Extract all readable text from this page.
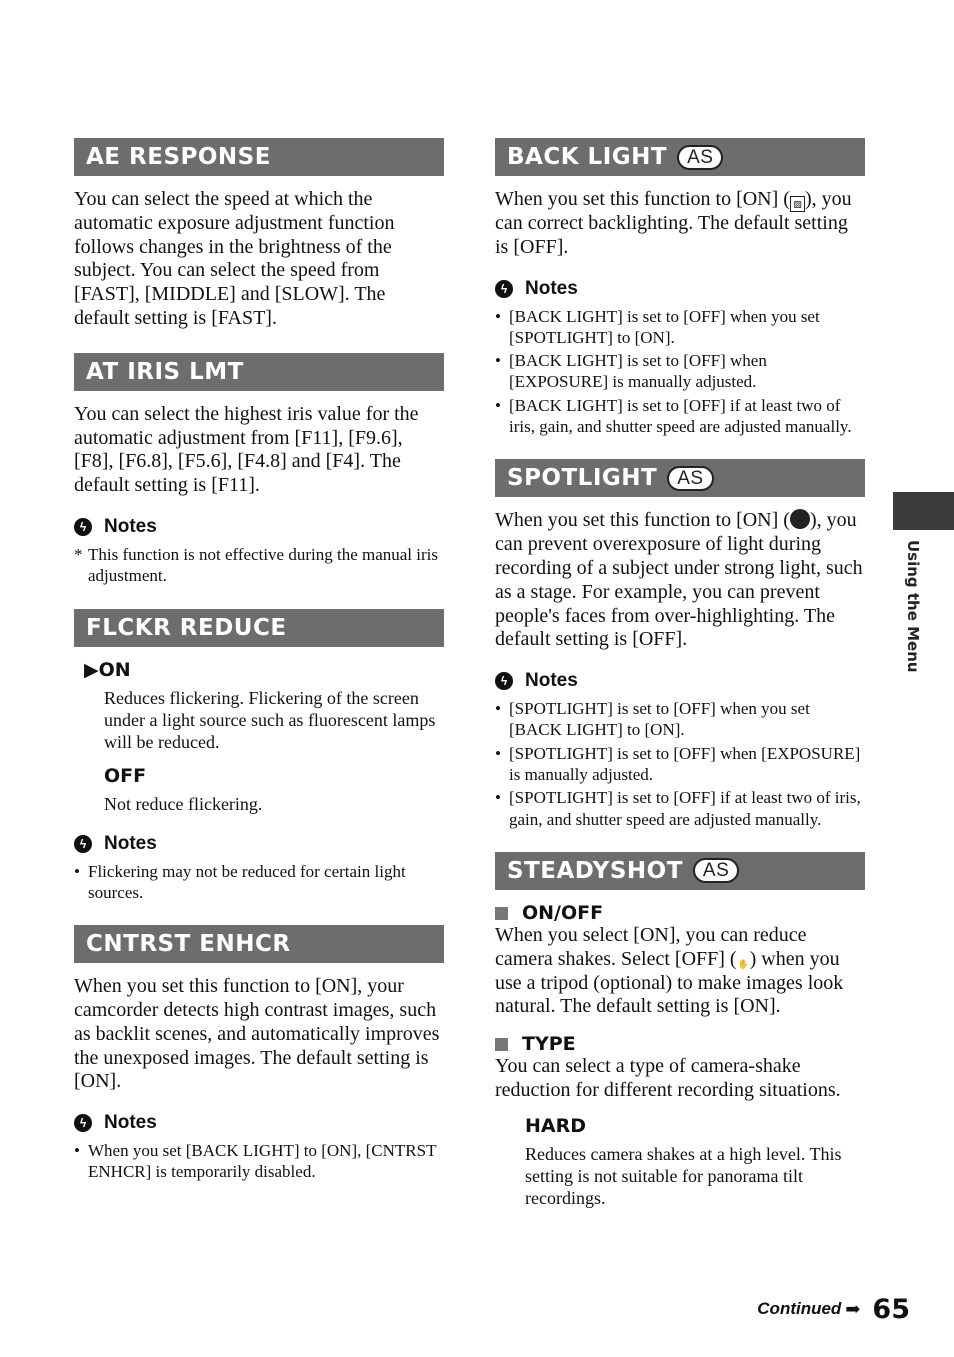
AE RESPONSE

You can select the speed at which the automatic exposure adjustment function follows changes in the brightness of the subject. You can select the speed from [FAST], [MIDDLE] and [SLOW]. The default setting is [FAST].

AT IRIS LMT

You can select the highest iris value for the automatic adjustment from [F11], [F9.6], [F8], [F6.8], [F5.6], [F4.8] and [F4]. The default setting is [F11].

ϟ Notes
* This function is not effective during the manual iris adjustment.
FLCKR REDUCE
▶ON
Reduces flickering. Flickering of the screen under a light source such as fluorescent lamps will be reduced.
OFF
Not reduce flickering.
ϟ Notes
• Flickering may not be reduced for certain light sources.
CNTRST ENHCR

When you set this function to [ON], your camcorder detects high contrast images, such as backlit scenes, and automatically improves the unexposed images. The default setting is [ON].

ϟ Notes
• When you set [BACK LIGHT] to [ON], [CNTRST ENHCR] is temporarily disabled.
BACK LIGHT	AS

When you set this function to [ON] ( ▨ ), you can correct backlighting. The default setting is [OFF].

ϟ Notes
• [BACK LIGHT] is set to [OFF] when you set [SPOTLIGHT] to [ON].
• [BACK LIGHT] is set to [OFF] when [EXPOSURE] is manually adjusted.
• [BACK LIGHT] is set to [OFF] if at least two of iris, gain, and shutter speed are adjusted manually.
SPOTLIGHT	AS

When you set this function to [ON] ( ), you can prevent overexposure of light during recording of a subject under strong light, such as a stage. For example, you can prevent people's faces from over-highlighting. The default setting is [OFF].

ϟ Notes
• [SPOTLIGHT] is set to [OFF] when you set [BACK LIGHT] to [ON].
• [SPOTLIGHT] is set to [OFF] when [EXPOSURE] is manually adjusted.
• [SPOTLIGHT] is set to [OFF] if at least two of iris, gain, and shutter speed are adjusted manually.
STEADYSHOT	AS
ON/OFF

When you select [ON], you can reduce camera shakes. Select [OFF] (✋) when you use a tripod (optional) to make images look natural. The default setting is [ON].

TYPE

You can select a type of camera-shake reduction for different recording situations.

HARD
Reduces camera shakes at a high level. This setting is not suitable for panorama tilt recordings.
Using the Menu
Continued ➡ 65
